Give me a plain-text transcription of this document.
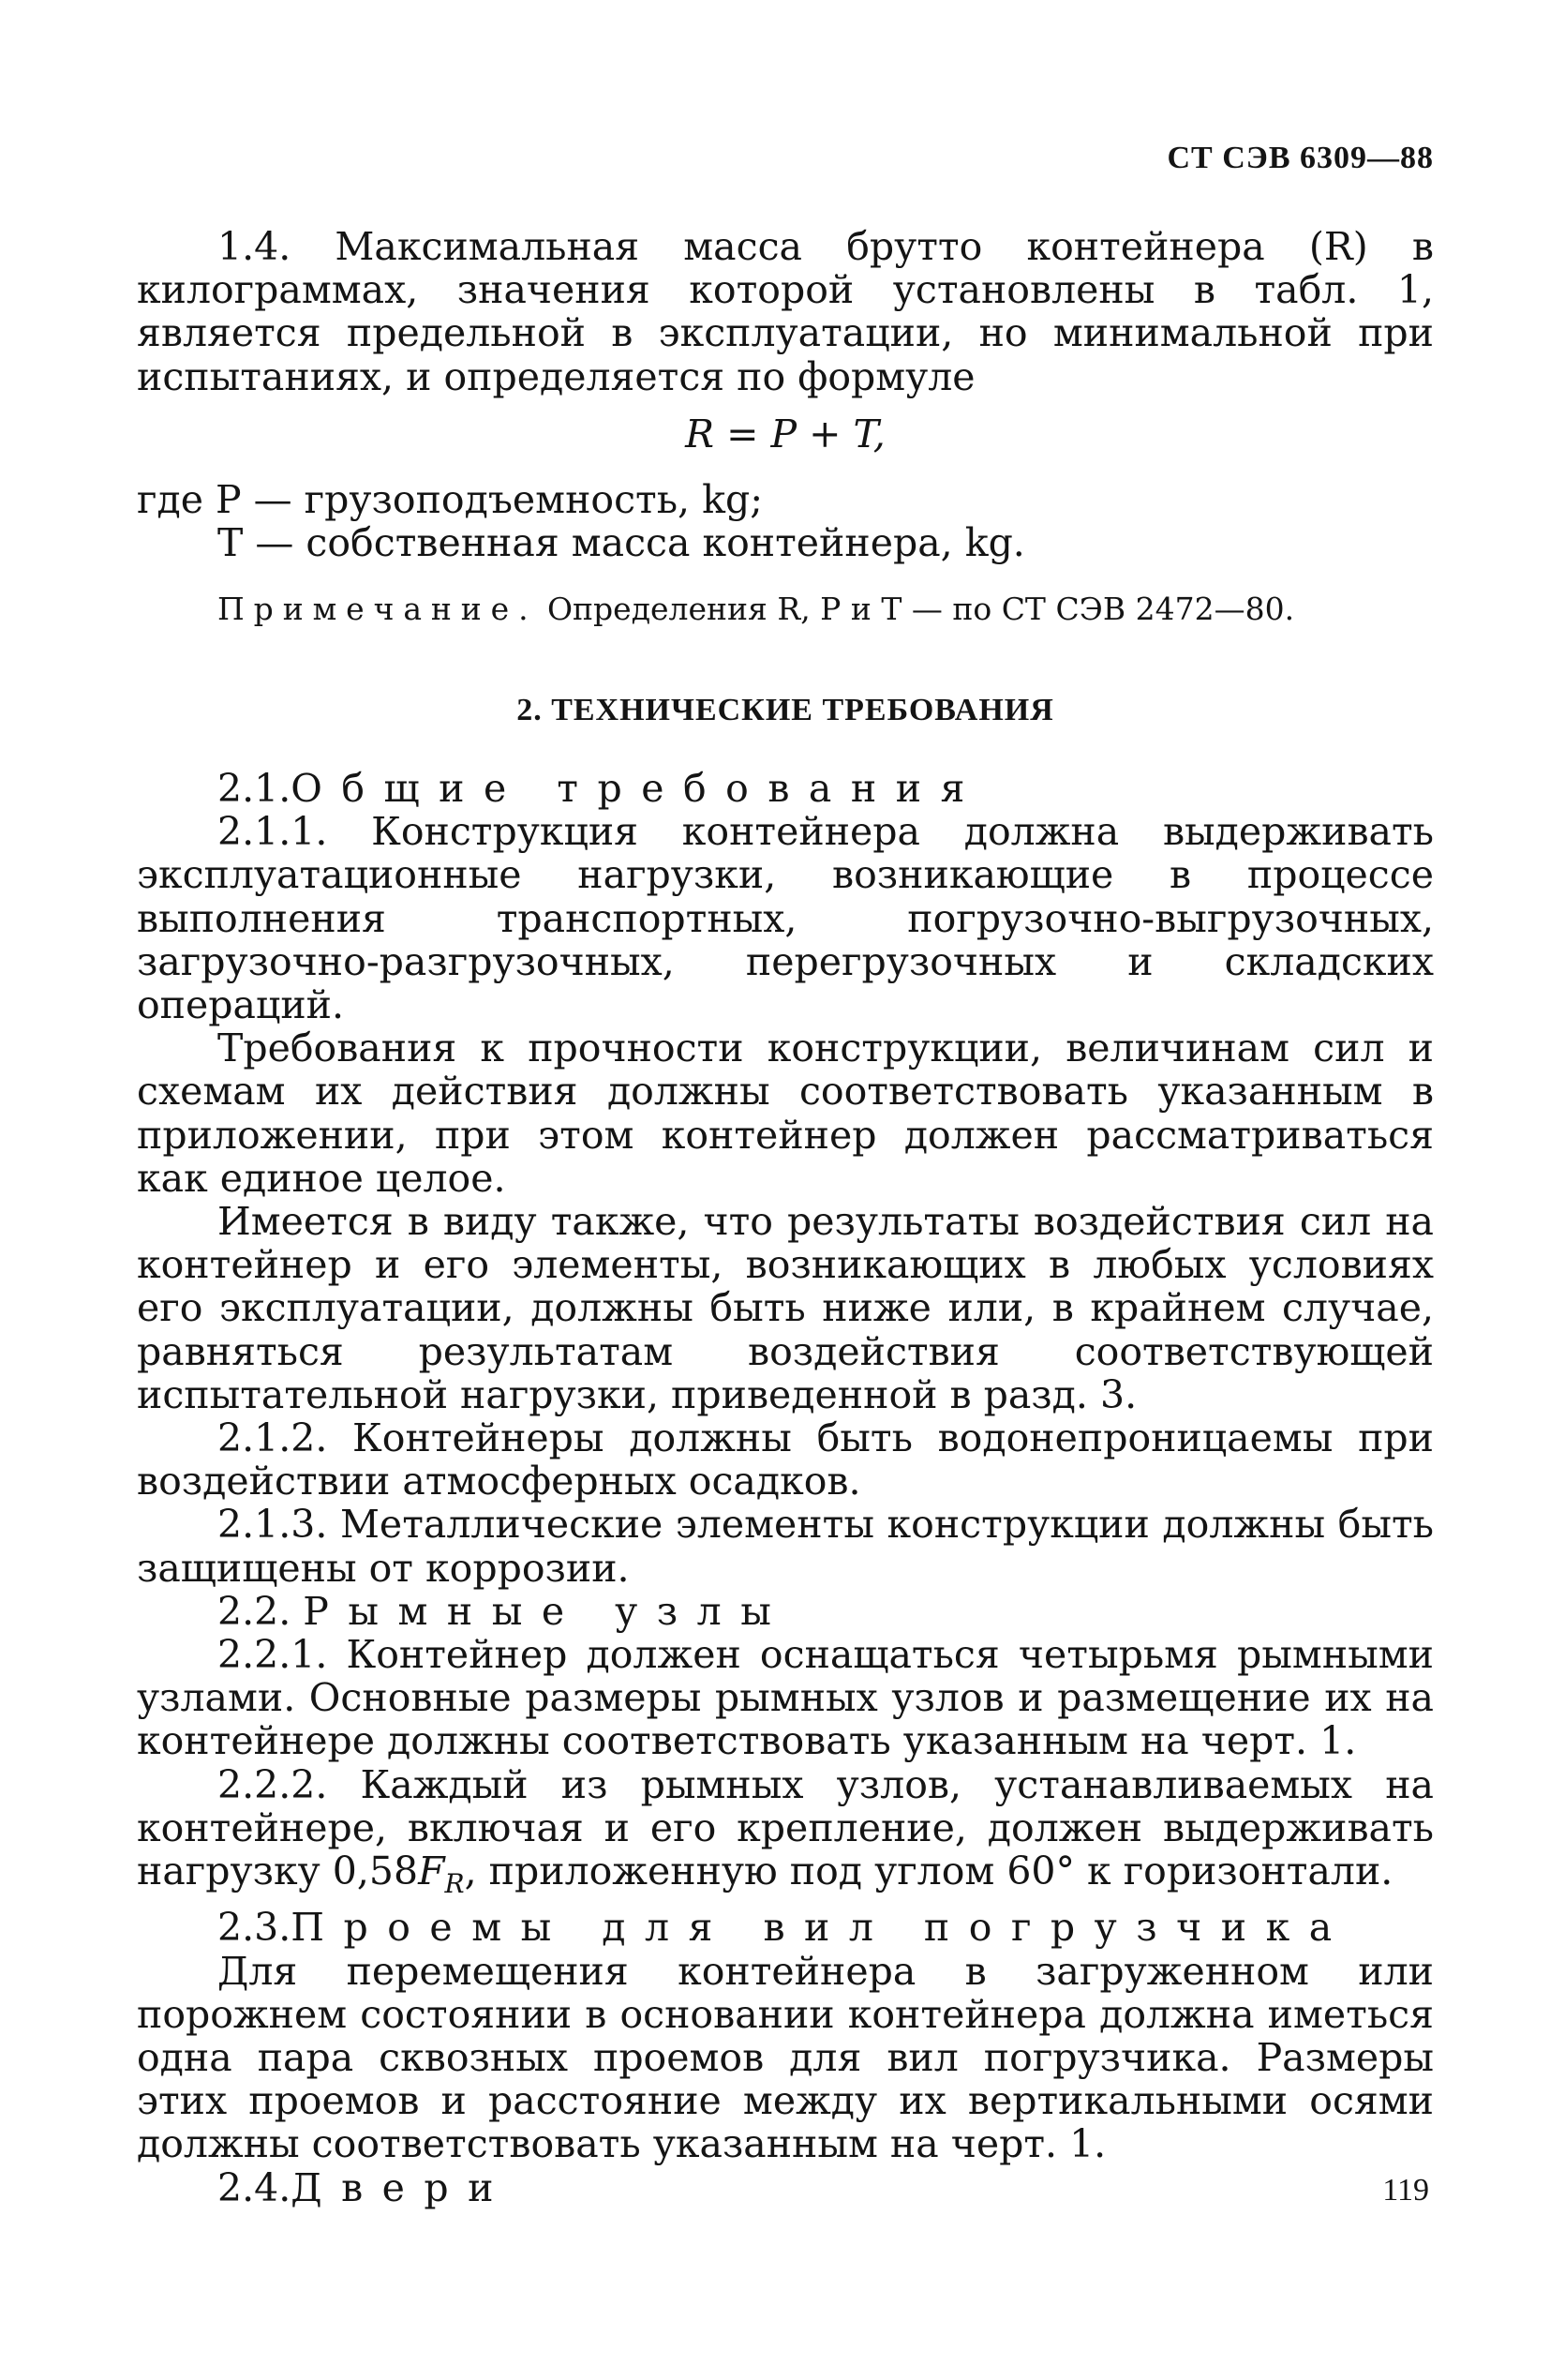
СТ СЭВ 6309—88

1.4. Максимальная масса брутто контейнера (R) в килограммах, значения которой установлены в табл. 1, является предельной в эксплуатации, но минимальной при испытаниях, и определяется по формуле

R = P + T,
где P — грузоподъемность, kg;
T — собственная масса контейнера, kg.
Примечание. Определения R, P и T — по СТ СЭВ 2472—80.
2. ТЕХНИЧЕСКИЕ ТРЕБОВАНИЯ

2.1.Общие требования

2.1.1. Конструкция контейнера должна выдерживать эксплуатационные нагрузки, возникающие в процессе выполнения транспортных, погрузочно-выгрузочных, загрузочно-разгрузочных, перегрузочных и складских операций.

Требования к прочности конструкции, величинам сил и схемам их действия должны соответствовать указанным в приложении, при этом контейнер должен рассматриваться как единое целое.

Имеется в виду также, что результаты воздействия сил на контейнер и его элементы, возникающих в любых условиях его эксплуатации, должны быть ниже или, в крайнем случае, равняться результатам воздействия соответствующей испытательной нагрузки, приведенной в разд. 3.

2.1.2. Контейнеры должны быть водонепроницаемы при воздействии атмосферных осадков.

2.1.3. Металлические элементы конструкции должны быть защищены от коррозии.

2.2. Рымные узлы

2.2.1. Контейнер должен оснащаться четырьмя рымными узлами. Основные размеры рымных узлов и размещение их на контейнере должны соответствовать указанным на черт. 1.

2.2.2. Каждый из рымных узлов, устанавливаемых на контейнере, включая и его крепление, должен выдерживать нагрузку $0,58F_R$, приложенную под углом 60° к горизонтали.

2.3.Проемы для вил погрузчика

Для перемещения контейнера в загруженном или порожнем состоянии в основании контейнера должна иметься одна пара сквозных проемов для вил погрузчика. Размеры этих проемов и расстояние между их вертикальными осями должны соответствовать указанным на черт. 1.

2.4.Двери	119
